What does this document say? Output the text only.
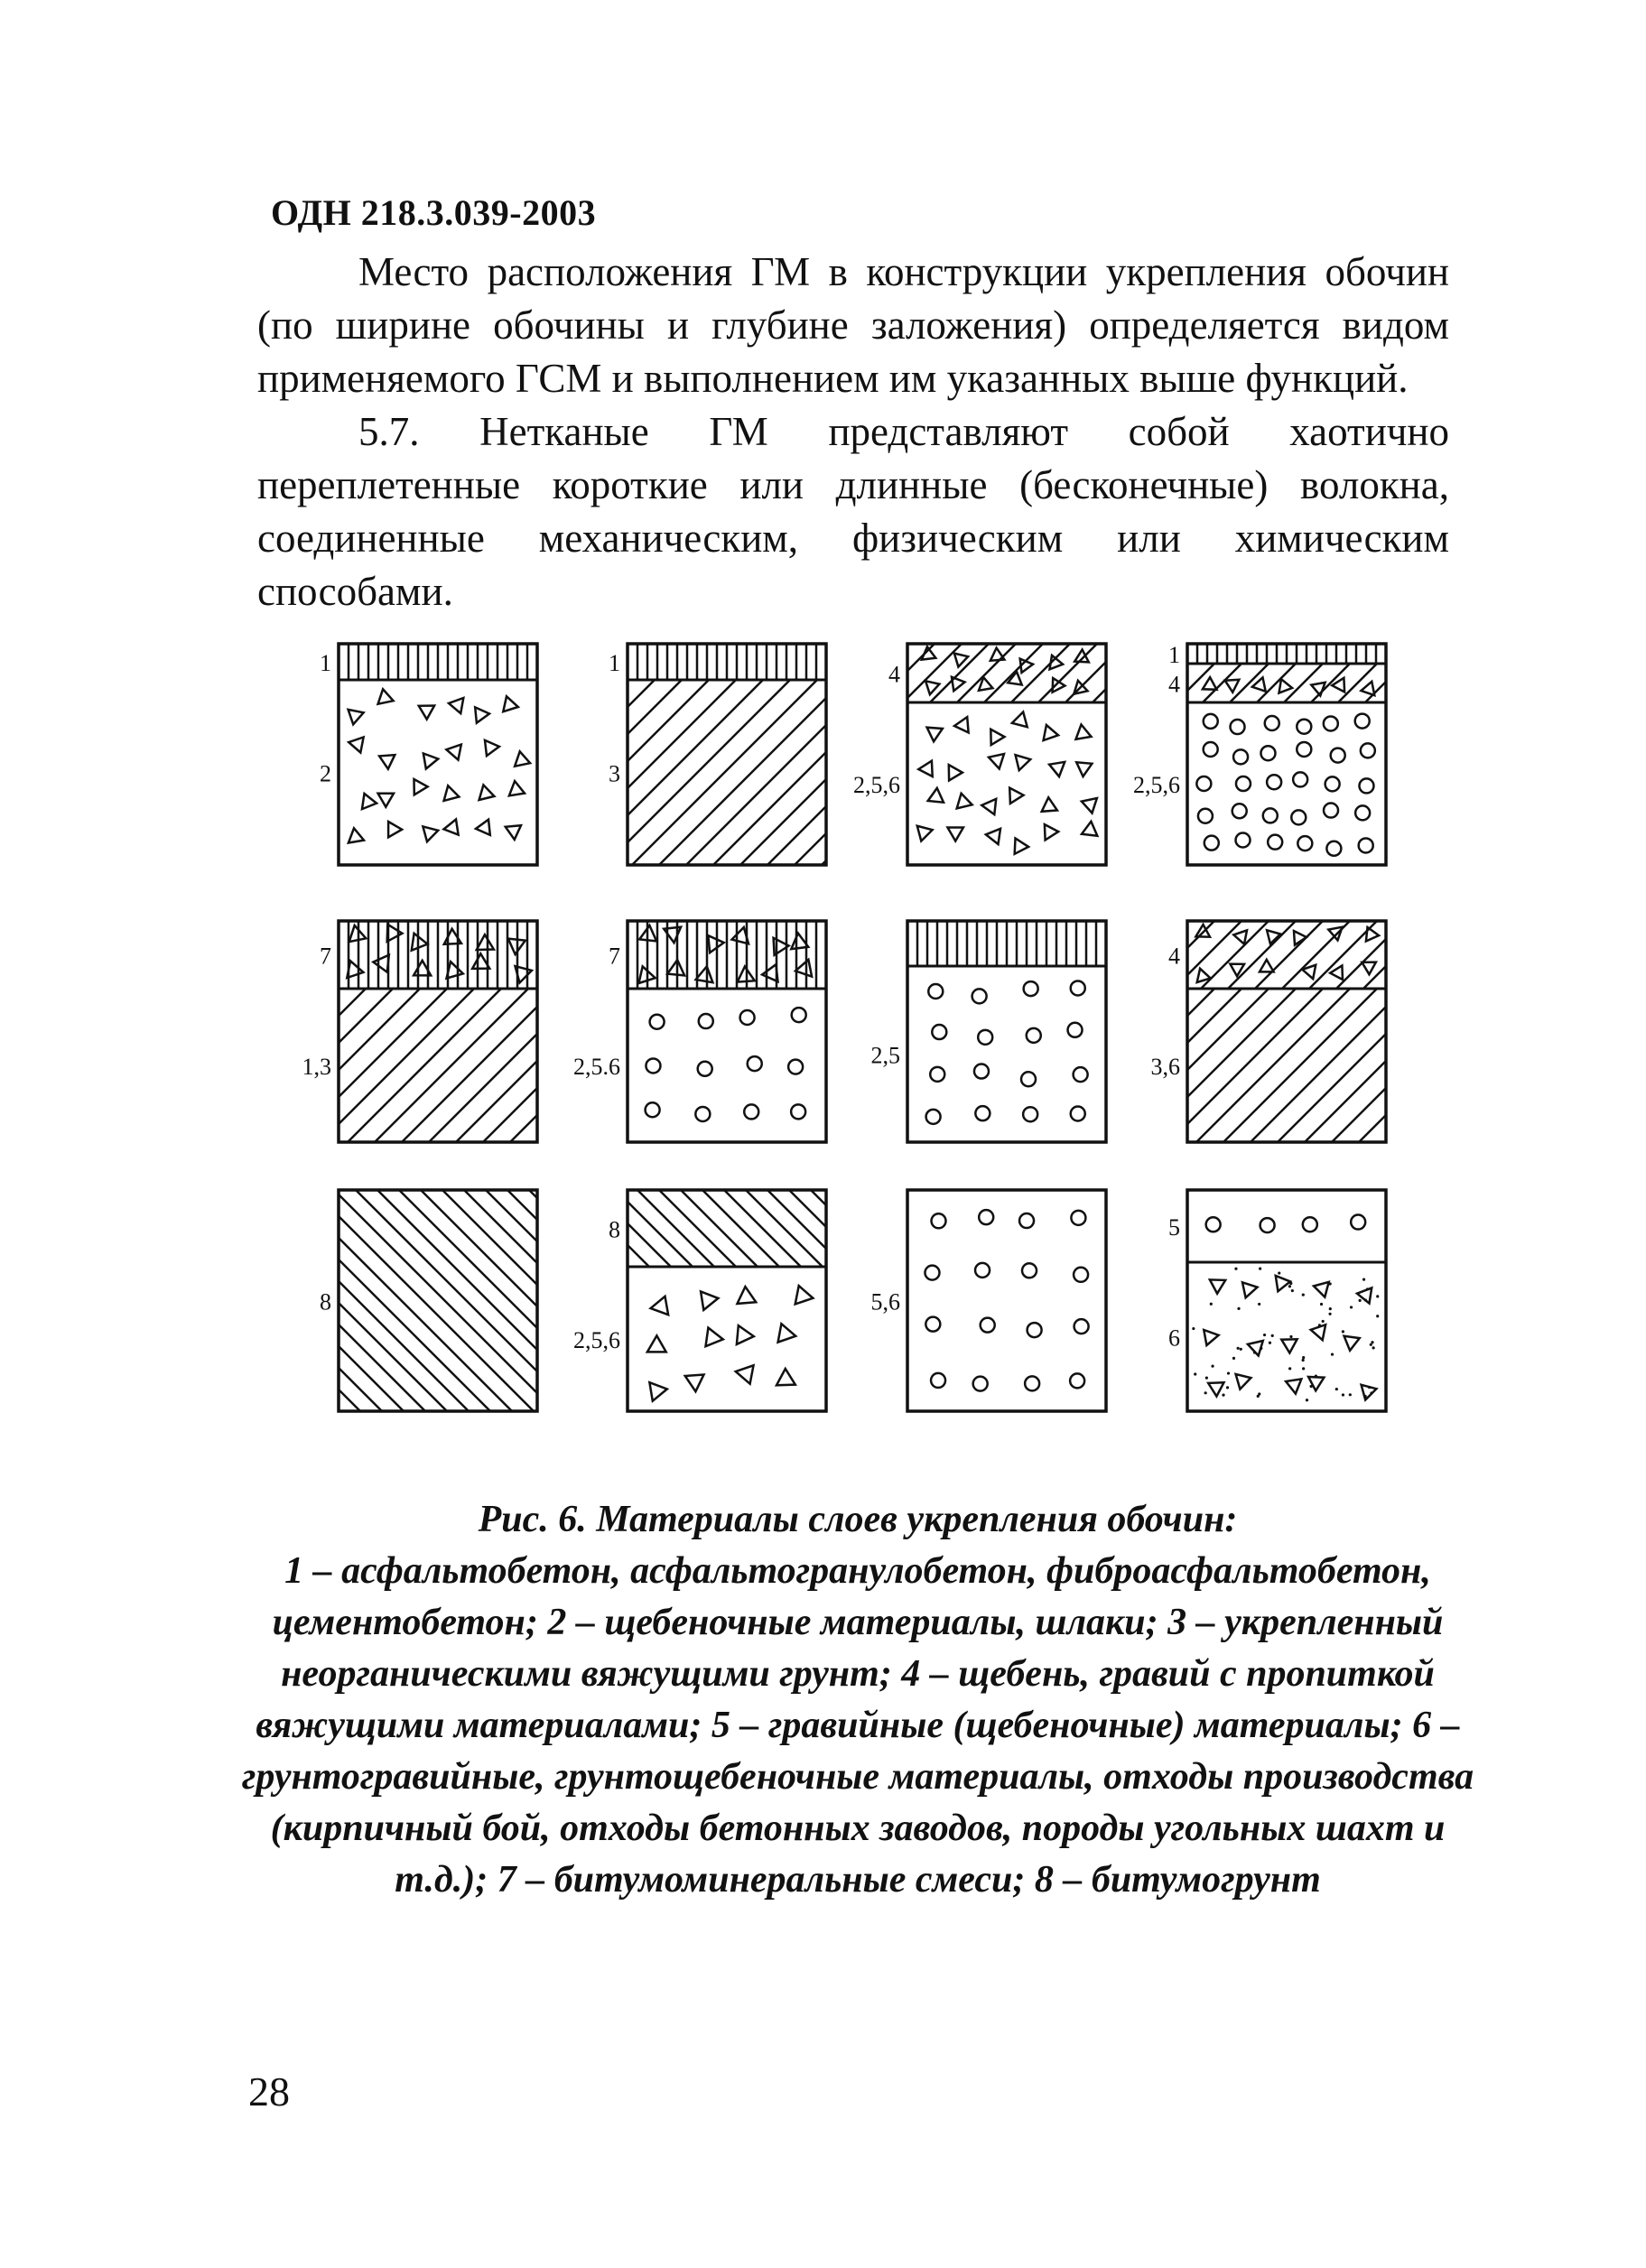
ОДН 218.3.039-2003

Место расположения ГМ в конструкции укрепления обочин (по ширине обочины и глубине заложения) определяется видом применяемого ГСМ и выполнением им указанных выше функций.

5.7. Нетканые ГМ представляют собой хаотично переплетенные короткие или длинные (бесконечные) волокна, соединенные механическим, физическим или химическим способами.

1
2
1
3
4
2,5,6
1
4
2,5,6
7
1,3
7
2,5.6	2,5
4
3,6
8
8
2,5,6
5,6
5
6
Рис. 6. Материалы слоев укрепления обочин:
1 – асфальтобетон, асфальтогранулобетон, фиброасфальтобетон, цементобетон; 2 – щебеночные материалы, шлаки; 3 – укрепленный неорганическими вяжущими грунт; 4 – щебень, гравий с пропиткой вяжущими материалами; 5 – гравийные (щебеночные) материалы; 6 – грунтогравийные, грунтощебеночные материалы, отходы производства (кирпичный бой, отходы бетонных заводов, породы угольных шахт и т.д.); 7 – битумоминеральные смеси; 8 – битумогрунт
28
